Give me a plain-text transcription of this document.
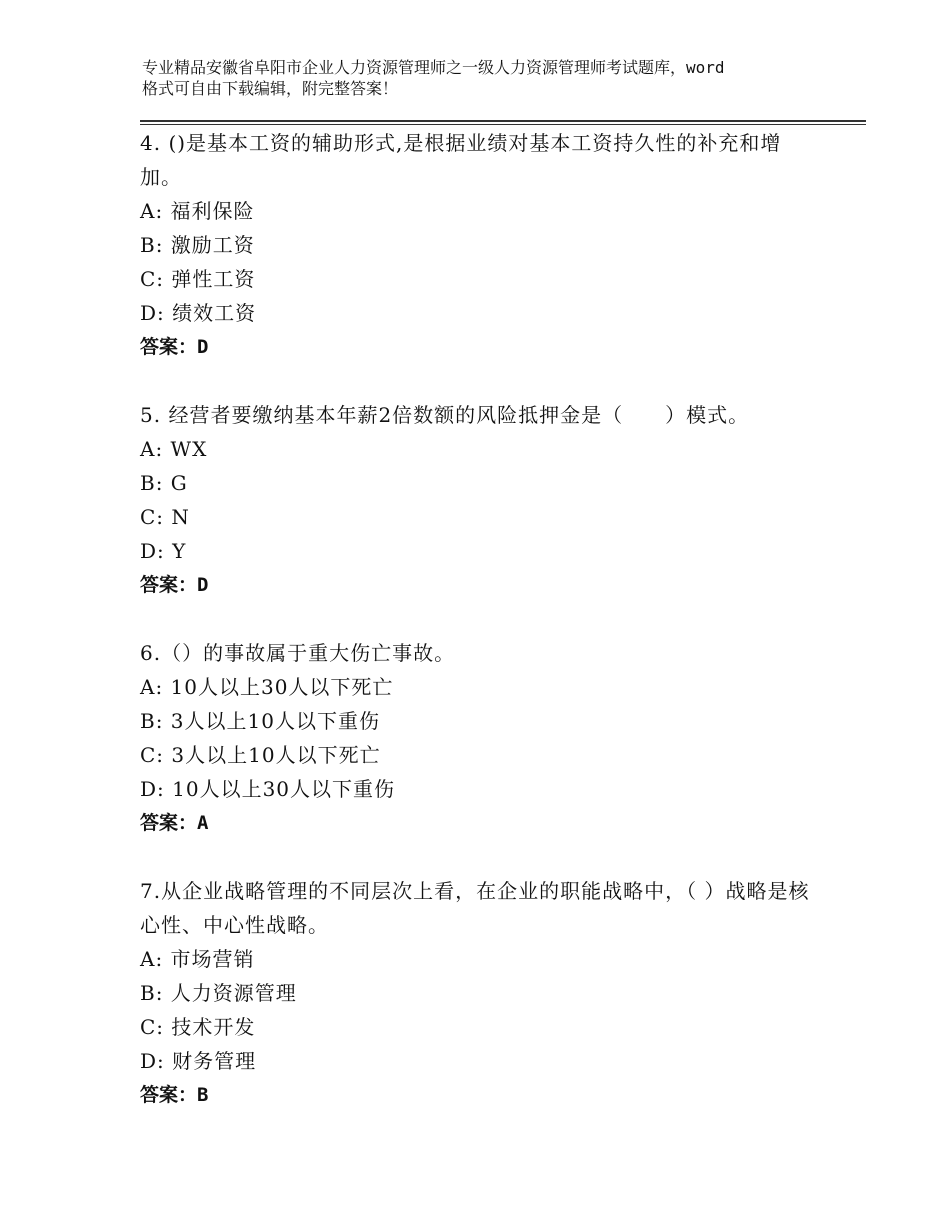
专业精品安徽省阜阳市企业人力资源管理师之一级人力资源管理师考试题库，word
格式可自由下载编辑，附完整答案！

4. ()是基本工资的辅助形式,是根据业绩对基本工资持久性的补充和增加。

A: 福利保险

B: 激励工资

C: 弹性工资

D: 绩效工资

答案：D

5. 经营者要缴纳基本年薪2倍数额的风险抵押金是（　　）模式。

A: WX

B: G

C: N

D: Y

答案：D

6.（）的事故属于重大伤亡事故。

A: 10人以上30人以下死亡

B: 3人以上10人以下重伤

C: 3人以上10人以下死亡

D: 10人以上30人以下重伤

答案：A

7.从企业战略管理的不同层次上看，在企业的职能战略中，（ ）战略是核心性、中心性战略。

A: 市场营销

B: 人力资源管理

C: 技术开发

D: 财务管理

答案：B
